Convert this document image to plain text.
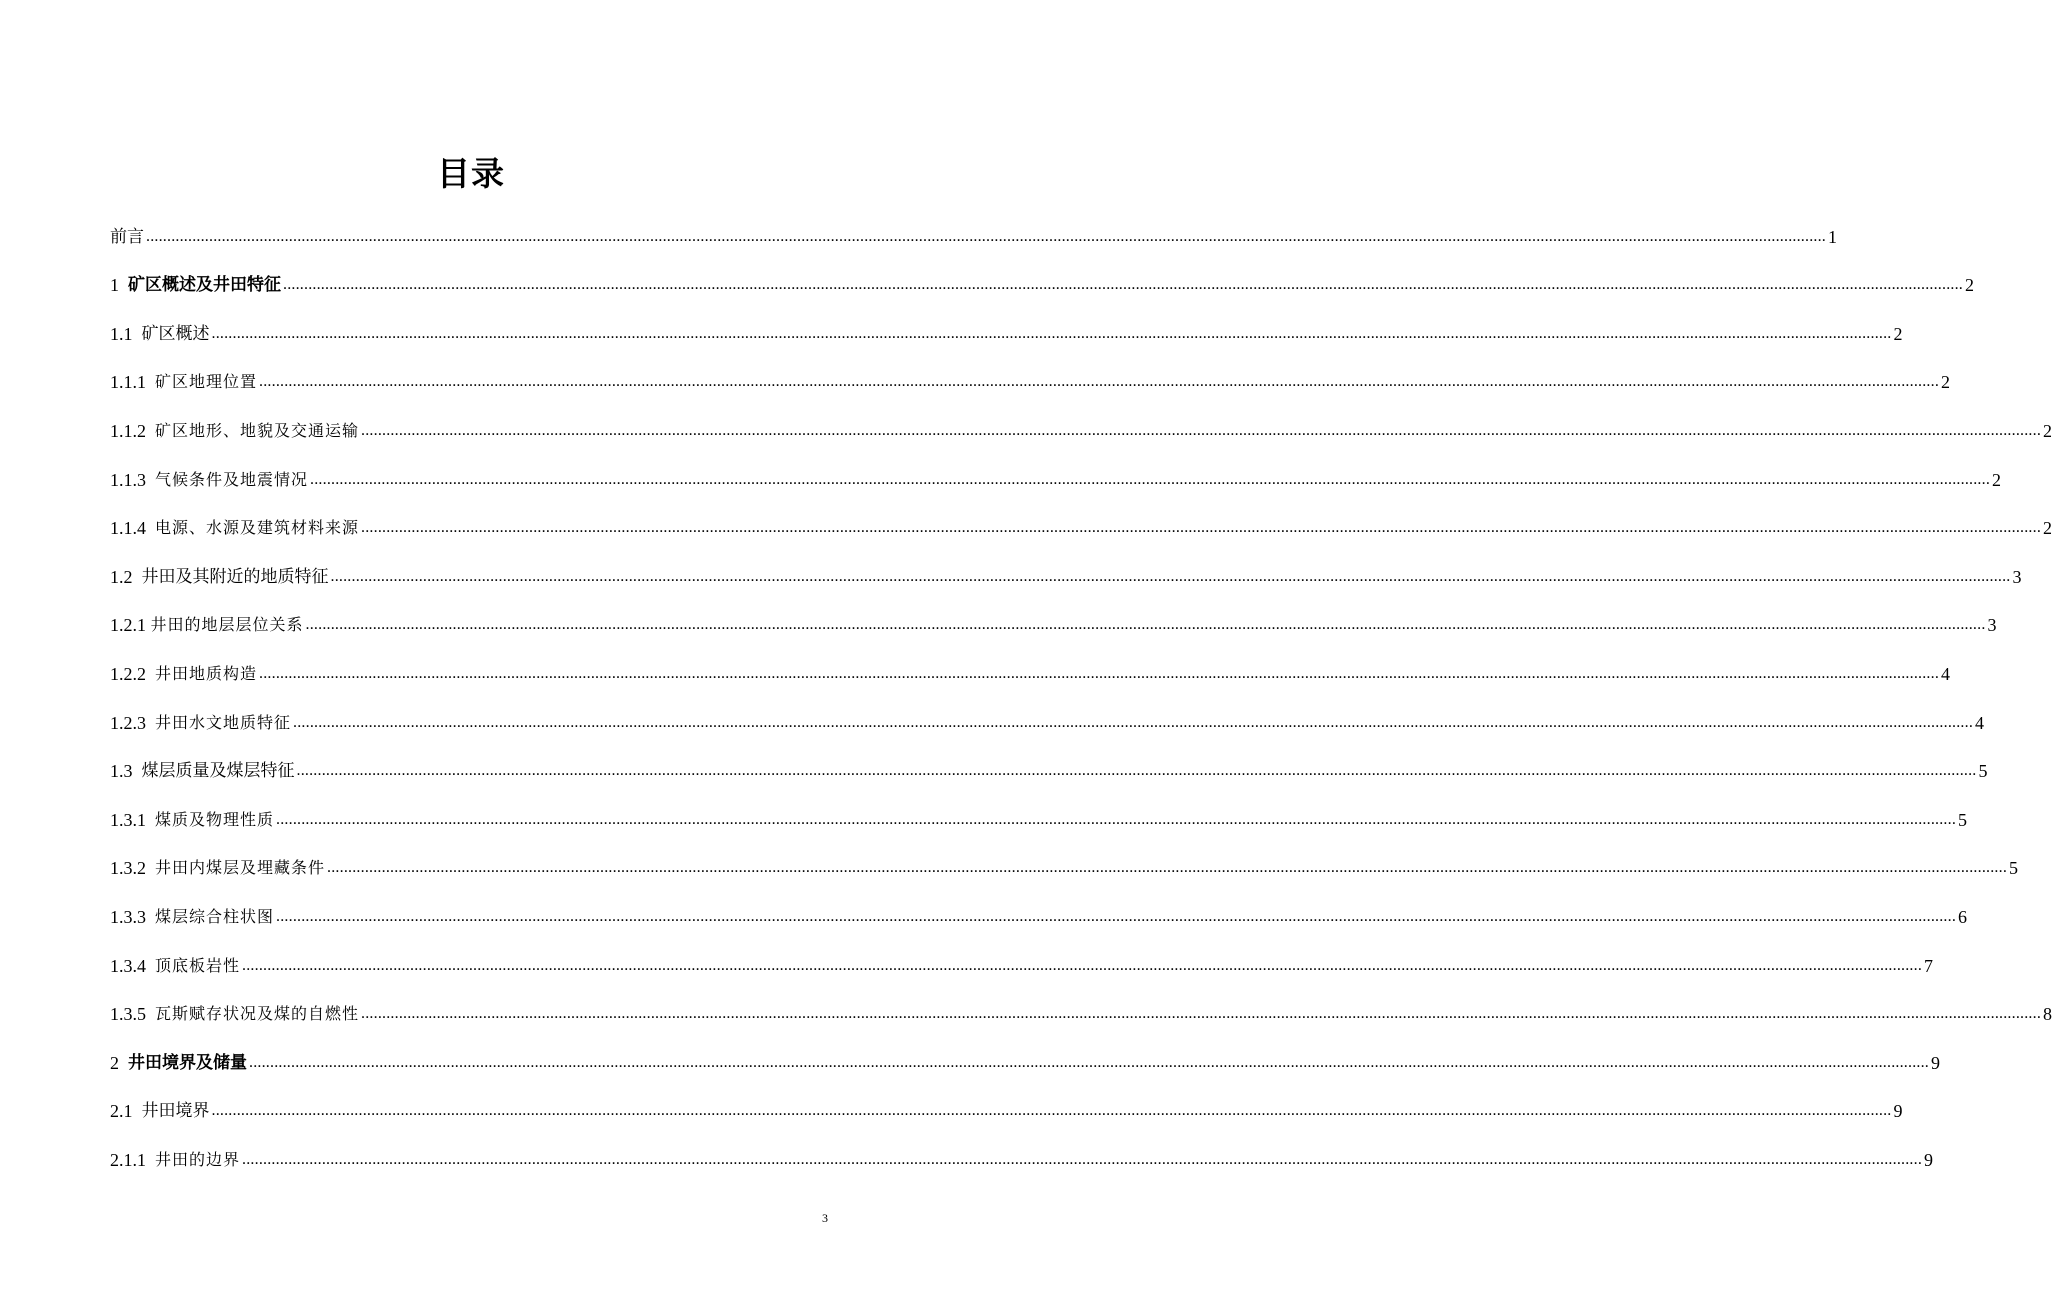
目录
前言 ................................................................................................................................................................................................................................................................................................................................................................................................................ 1
1 矿区概述及井田特征 ................................................................................................................................................................................................................................................................................................................................................................................................................ 2
1.1 矿区概述 ................................................................................................................................................................................................................................................................................................................................................................................................................ 2
1.1.1 矿区地理位置 ................................................................................................................................................................................................................................................................................................................................................................................................................ 2
1.1.2 矿区地形、地貌及交通运输 ................................................................................................................................................................................................................................................................................................................................................................................................................ 2
1.1.3 气候条件及地震情况 ................................................................................................................................................................................................................................................................................................................................................................................................................ 2
1.1.4 电源、水源及建筑材料来源 ................................................................................................................................................................................................................................................................................................................................................................................................................ 2
1.2 井田及其附近的地质特征 ................................................................................................................................................................................................................................................................................................................................................................................................................ 3
1.2.1 井田的地层层位关系 ................................................................................................................................................................................................................................................................................................................................................................................................................ 3
1.2.2 井田地质构造 ................................................................................................................................................................................................................................................................................................................................................................................................................ 4
1.2.3 井田水文地质特征 ................................................................................................................................................................................................................................................................................................................................................................................................................ 4
1.3 煤层质量及煤层特征 ................................................................................................................................................................................................................................................................................................................................................................................................................ 5
1.3.1 煤质及物理性质 ................................................................................................................................................................................................................................................................................................................................................................................................................ 5
1.3.2 井田内煤层及埋藏条件 ................................................................................................................................................................................................................................................................................................................................................................................................................ 5
1.3.3 煤层综合柱状图 ................................................................................................................................................................................................................................................................................................................................................................................................................ 6
1.3.4 顶底板岩性 ................................................................................................................................................................................................................................................................................................................................................................................................................ 7
1.3.5 瓦斯赋存状况及煤的自燃性 ................................................................................................................................................................................................................................................................................................................................................................................................................ 8
2 井田境界及储量 ................................................................................................................................................................................................................................................................................................................................................................................................................ 9
2.1 井田境界 ................................................................................................................................................................................................................................................................................................................................................................................................................ 9
2.1.1 井田的边界 ................................................................................................................................................................................................................................................................................................................................................................................................................ 9
3
